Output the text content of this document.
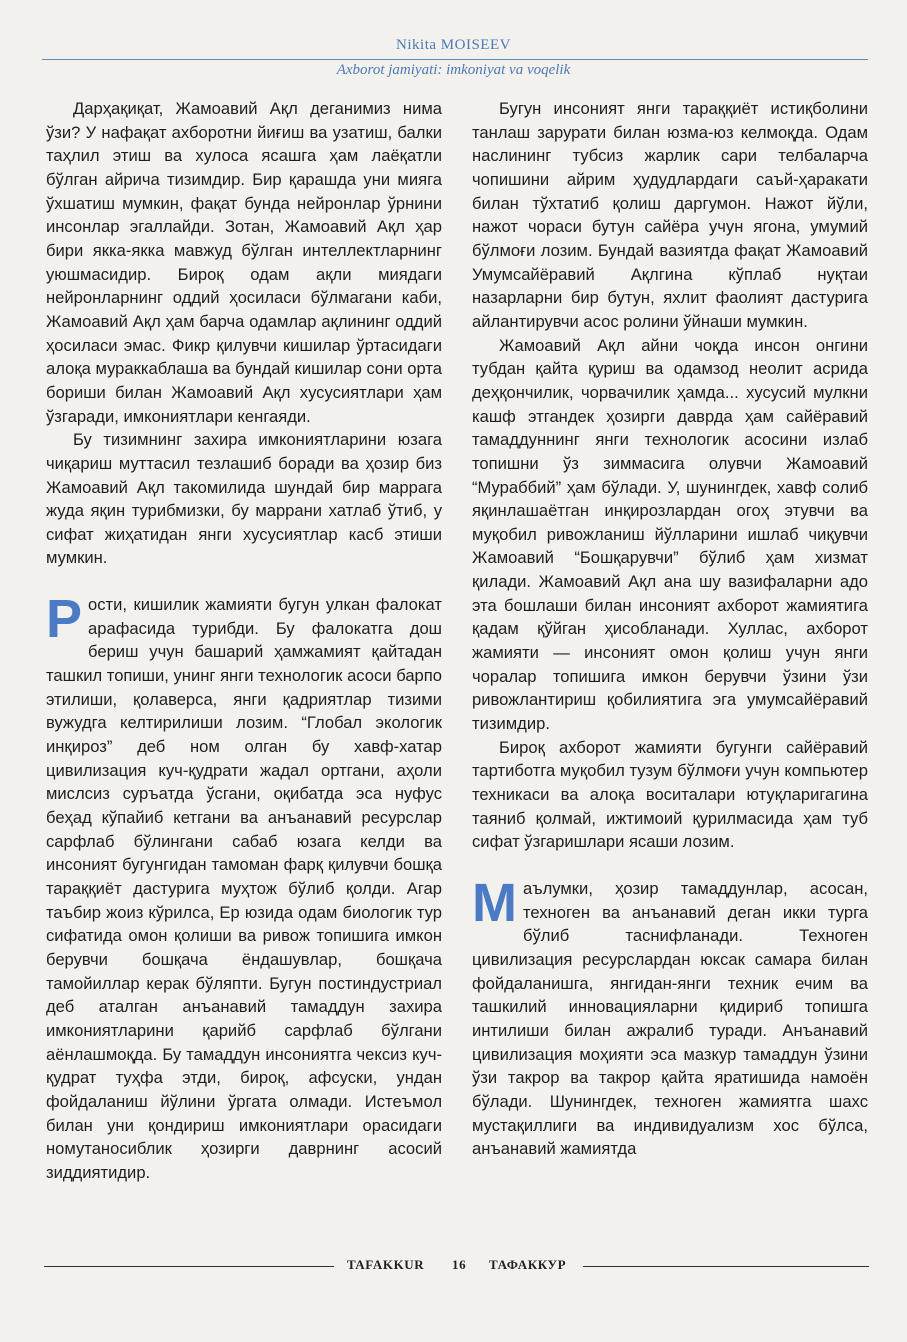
Nikita MOISEEV
Axborot jamiyati: imkoniyat va voqelik

Дарҳақиқат, Жамоавий Ақл деганимиз нима ўзи? У нафақат ахборотни йиғиш ва узатиш, балки таҳлил этиш ва хулоса ясашга ҳам лаёқатли бўлган айрича тизимдир. Бир қарашда уни мияга ўхшатиш мумкин, фақат бунда нейронлар ўрнини инсонлар эгаллайди. Зотан, Жамоавий Ақл ҳар бири якка-якка мавжуд бўлган интеллектларнинг уюшмасидир. Бироқ одам ақли миядаги нейронларнинг оддий ҳосиласи бўлмагани каби, Жамоавий Ақл ҳам барча одамлар ақлининг оддий ҳосиласи эмас. Фикр қилувчи кишилар ўртасидаги алоқа мураккаблаша ва бундай кишилар сони орта бориши билан Жамоавий Ақл хусусиятлари ҳам ўзгаради, имкониятлари кенгаяди.

Бу тизимнинг захира имкониятларини юзага чиқариш муттасил тезлашиб боради ва ҳозир биз Жамоавий Ақл такомилида шундай бир маррага жуда яқин турибмизки, бу маррани хатлаб ўтиб, у сифат жиҳатидан янги хусусиятлар касб этиши мумкин.

Рости, кишилик жамияти бугун улкан фалокат арафасида турибди. Бу фалокатга дош бериш учун башарий ҳамжамият қайтадан ташкил топиши, унинг янги технологик асоси барпо этилиши, қолаверса, янги қадриятлар тизими вужудга келтирилиши лозим. “Глобал экологик инқироз” деб ном олган бу хавф-хатар цивилизация куч-қудрати жадал ортгани, аҳоли мислсиз суръатда ўсгани, оқибатда эса нуфус беҳад кўпайиб кетгани ва анъанавий ресурслар сарфлаб бўлингани сабаб юзага келди ва инсоният бугунгидан тамоман фарқ қилувчи бошқа тараққиёт дастурига муҳтож бўлиб қолди. Агар таъбир жоиз кўрилса, Ер юзида одам биологик тур сифатида омон қолиши ва ривож топишига имкон берувчи бошқача ёндашувлар, бошқача тамойиллар керак бўляпти. Бугун постиндустриал деб аталган анъанавий тамаддун захира имкониятларини қарийб сарфлаб бўлгани аёнлашмоқда. Бу тамаддун инсониятга чексиз куч-қудрат туҳфа этди, бироқ, афсуски, ундан фойдаланиш йўлини ўргата олмади. Истеъмол билан уни қондириш имкониятлари орасидаги номутаносиблик ҳозирги даврнинг асосий зиддиятидир.

Бугун инсоният янги тараққиёт истиқболини танлаш зарурати билан юзма-юз келмоқда. Одам наслининг тубсиз жарлик сари телбаларча чопишини айрим ҳудудлардаги саъй-ҳаракати билан тўхтатиб қолиш даргумон. Нажот йўли, нажот чораси бутун сайёра учун ягона, умумий бўлмоғи лозим. Бундай вазиятда фақат Жамоавий Умумсайёравий Ақлгина кўплаб нуқтаи назарларни бир бутун, яхлит фаолият дастурига айлантирувчи асос ролини ўйнаши мумкин.

Жамоавий Ақл айни чоқда инсон онгини тубдан қайта қуриш ва одамзод неолит асрида деҳқончилик, чорвачилик ҳамда... хусусий мулкни кашф этгандек ҳозирги даврда ҳам сайёравий тамаддуннинг янги технологик асосини излаб топишни ўз зиммасига олувчи Жамоавий “Мураббий” ҳам бўлади. У, шунингдек, хавф солиб яқинлашаётган инқирозлардан огоҳ этувчи ва муқобил ривожланиш йўлларини ишлаб чиқувчи Жамоавий “Бошқарувчи” бўлиб ҳам хизмат қилади. Жамоавий Ақл ана шу вазифаларни адо эта бошлаши билан инсоният ахборот жамиятига қадам қўйган ҳисобланади. Хуллас, ахборот жамияти — инсоният омон қолиш учун янги чоралар топишига имкон берувчи ўзини ўзи ривожлантириш қобилиятига эга умумсайёравий тизимдир.

Бироқ ахборот жамияти бугунги сайёравий тартиботга муқобил тузум бўлмоғи учун компьютер техникаси ва алоқа воситалари ютуқларигагина таяниб қолмай, ижтимоий қурилмасида ҳам туб сифат ўзгаришлари ясаши лозим.

Маълумки, ҳозир тамаддунлар, асосан, техноген ва анъанавий деган икки турга бўлиб таснифланади. Техноген цивилизация ресурслардан юксак самара билан фойдаланишга, янгидан-янги техник ечим ва ташкилий инновацияларни қидириб топишга интилиши билан ажралиб туради. Анъанавий цивилизация моҳияти эса мазкур тамаддун ўзини ўзи такрор ва такрор қайта яратишида намоён бўлади. Шунингдек, техноген жамиятга шахс мустақиллиги ва индивидуализм хос бўлса, анъанавий жамиятда

TAFAKKUR 16 ТАФАККУР
